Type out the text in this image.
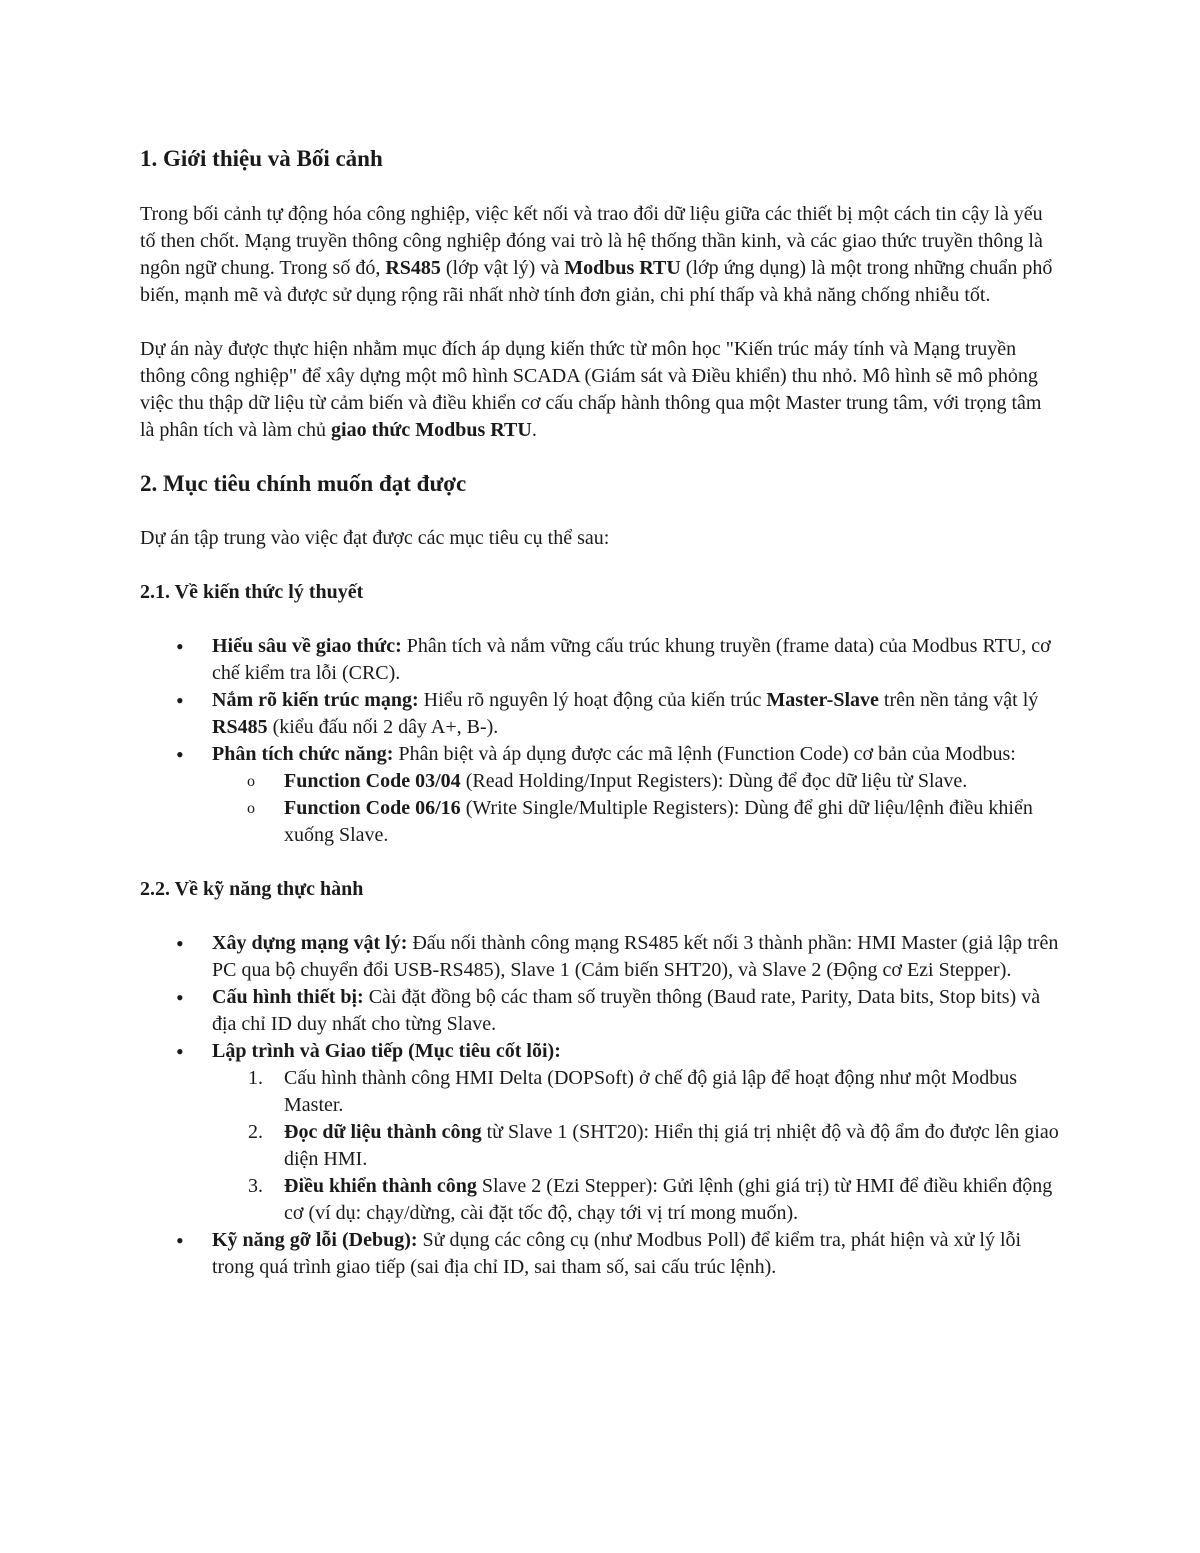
1. Giới thiệu và Bối cảnh

Trong bối cảnh tự động hóa công nghiệp, việc kết nối và trao đổi dữ liệu giữa các thiết bị một cách tin cậy là yếu tố then chốt. Mạng truyền thông công nghiệp đóng vai trò là hệ thống thần kinh, và các giao thức truyền thông là ngôn ngữ chung. Trong số đó, RS485 (lớp vật lý) và Modbus RTU (lớp ứng dụng) là một trong những chuẩn phổ biến, mạnh mẽ và được sử dụng rộng rãi nhất nhờ tính đơn giản, chi phí thấp và khả năng chống nhiễu tốt.

Dự án này được thực hiện nhằm mục đích áp dụng kiến thức từ môn học "Kiến trúc máy tính và Mạng truyền thông công nghiệp" để xây dựng một mô hình SCADA (Giám sát và Điều khiển) thu nhỏ. Mô hình sẽ mô phỏng việc thu thập dữ liệu từ cảm biến và điều khiển cơ cấu chấp hành thông qua một Master trung tâm, với trọng tâm là phân tích và làm chủ giao thức Modbus RTU.

2. Mục tiêu chính muốn đạt được

Dự án tập trung vào việc đạt được các mục tiêu cụ thể sau:

2.1. Về kiến thức lý thuyết
• Hiểu sâu về giao thức: Phân tích và nắm vững cấu trúc khung truyền (frame data) của Modbus RTU, cơ chế kiểm tra lỗi (CRC).
• Nắm rõ kiến trúc mạng: Hiểu rõ nguyên lý hoạt động của kiến trúc Master-Slave trên nền tảng vật lý RS485 (kiểu đấu nối 2 dây A+, B-).
• Phân tích chức năng: Phân biệt và áp dụng được các mã lệnh (Function Code) cơ bản của Modbus:
o Function Code 03/04 (Read Holding/Input Registers): Dùng để đọc dữ liệu từ Slave.
o Function Code 06/16 (Write Single/Multiple Registers): Dùng để ghi dữ liệu/lệnh điều khiển xuống Slave.
2.2. Về kỹ năng thực hành
• Xây dựng mạng vật lý: Đấu nối thành công mạng RS485 kết nối 3 thành phần: HMI Master (giả lập trên PC qua bộ chuyển đổi USB-RS485), Slave 1 (Cảm biến SHT20), và Slave 2 (Động cơ Ezi Stepper).
• Cấu hình thiết bị: Cài đặt đồng bộ các tham số truyền thông (Baud rate, Parity, Data bits, Stop bits) và địa chỉ ID duy nhất cho từng Slave.
• Lập trình và Giao tiếp (Mục tiêu cốt lõi):
1. Cấu hình thành công HMI Delta (DOPSoft) ở chế độ giả lập để hoạt động như một Modbus Master.
2. Đọc dữ liệu thành công từ Slave 1 (SHT20): Hiển thị giá trị nhiệt độ và độ ẩm đo được lên giao diện HMI.
3. Điều khiển thành công Slave 2 (Ezi Stepper): Gửi lệnh (ghi giá trị) từ HMI để điều khiển động cơ (ví dụ: chạy/dừng, cài đặt tốc độ, chạy tới vị trí mong muốn).
• Kỹ năng gỡ lỗi (Debug): Sử dụng các công cụ (như Modbus Poll) để kiểm tra, phát hiện và xử lý lỗi trong quá trình giao tiếp (sai địa chỉ ID, sai tham số, sai cấu trúc lệnh).
